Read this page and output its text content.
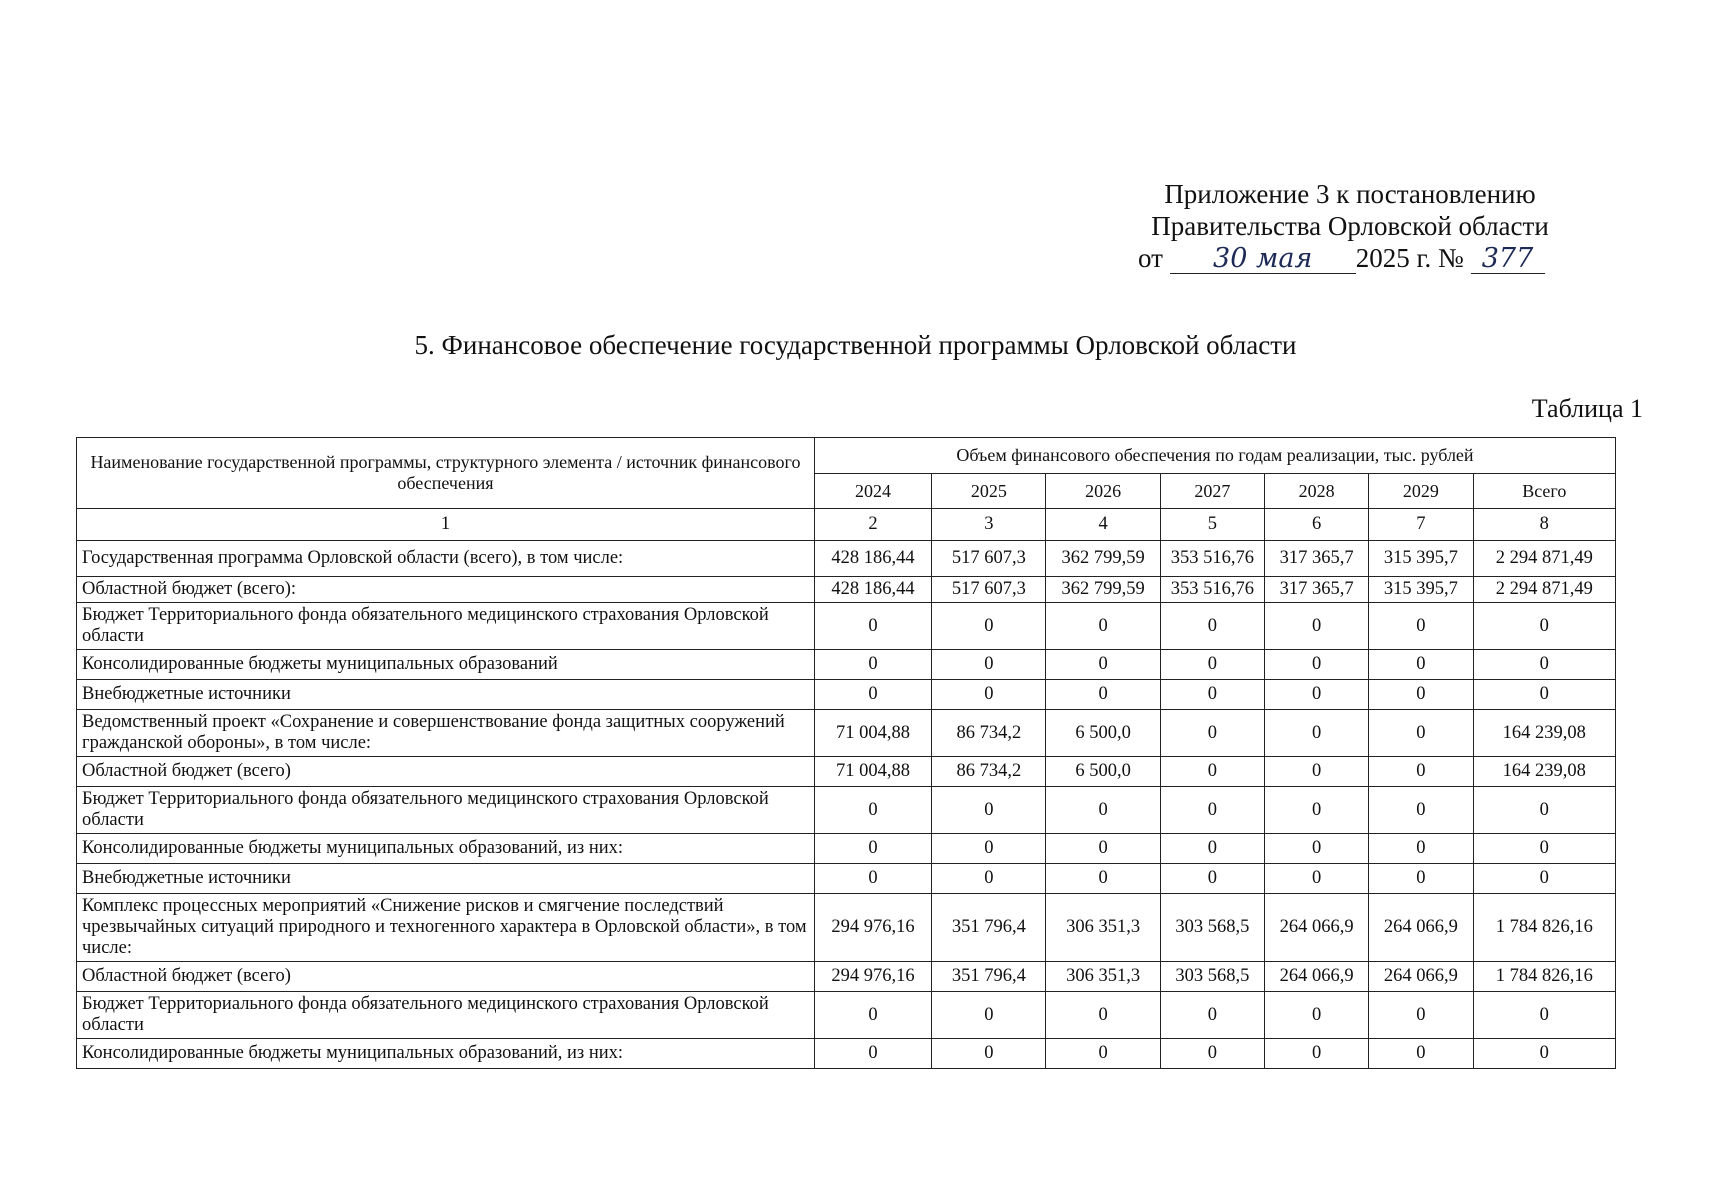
Приложение 3 к постановлению
Правительства Орловской области
от 30 мая 2025 г. № 377
5. Финансовое обеспечение государственной программы Орловской области
Таблица 1
Наименование государственной программы, структурного элемента / источник финансового обеспечения	Объем финансового обеспечения по годам реализации, тыс. рублей						
	2024	2025	2026	2027	2028	2029	Всего
1	2	3	4	5	6	7	8
Государственная программа Орловской области (всего), в том числе:	428 186,44	517 607,3	362 799,59	353 516,76	317 365,7	315 395,7	2 294 871,49
Областной бюджет (всего):	428 186,44	517 607,3	362 799,59	353 516,76	317 365,7	315 395,7	2 294 871,49
Бюджет Территориального фонда обязательного медицинского страхования Орловской области	0	0	0	0	0	0	0
Консолидированные бюджеты муниципальных образований	0	0	0	0	0	0	0
Внебюджетные источники	0	0	0	0	0	0	0
Ведомственный проект «Сохранение и совершенствование фонда защитных сооружений гражданской обороны», в том числе:	71 004,88	86 734,2	6 500,0	0	0	0	164 239,08
Областной бюджет (всего)	71 004,88	86 734,2	6 500,0	0	0	0	164 239,08
Бюджет Территориального фонда обязательного медицинского страхования Орловской области	0	0	0	0	0	0	0
Консолидированные бюджеты муниципальных образований, из них:	0	0	0	0	0	0	0
Внебюджетные источники	0	0	0	0	0	0	0
Комплекс процессных мероприятий «Снижение рисков и смягчение последствий чрезвычайных ситуаций природного и техногенного характера в Орловской области», в том числе:	294 976,16	351 796,4	306 351,3	303 568,5	264 066,9	264 066,9	1 784 826,16
Областной бюджет (всего)	294 976,16	351 796,4	306 351,3	303 568,5	264 066,9	264 066,9	1 784 826,16
Бюджет Территориального фонда обязательного медицинского страхования Орловской области	0	0	0	0	0	0	0
Консолидированные бюджеты муниципальных образований, из них:	0	0	0	0	0	0	0
